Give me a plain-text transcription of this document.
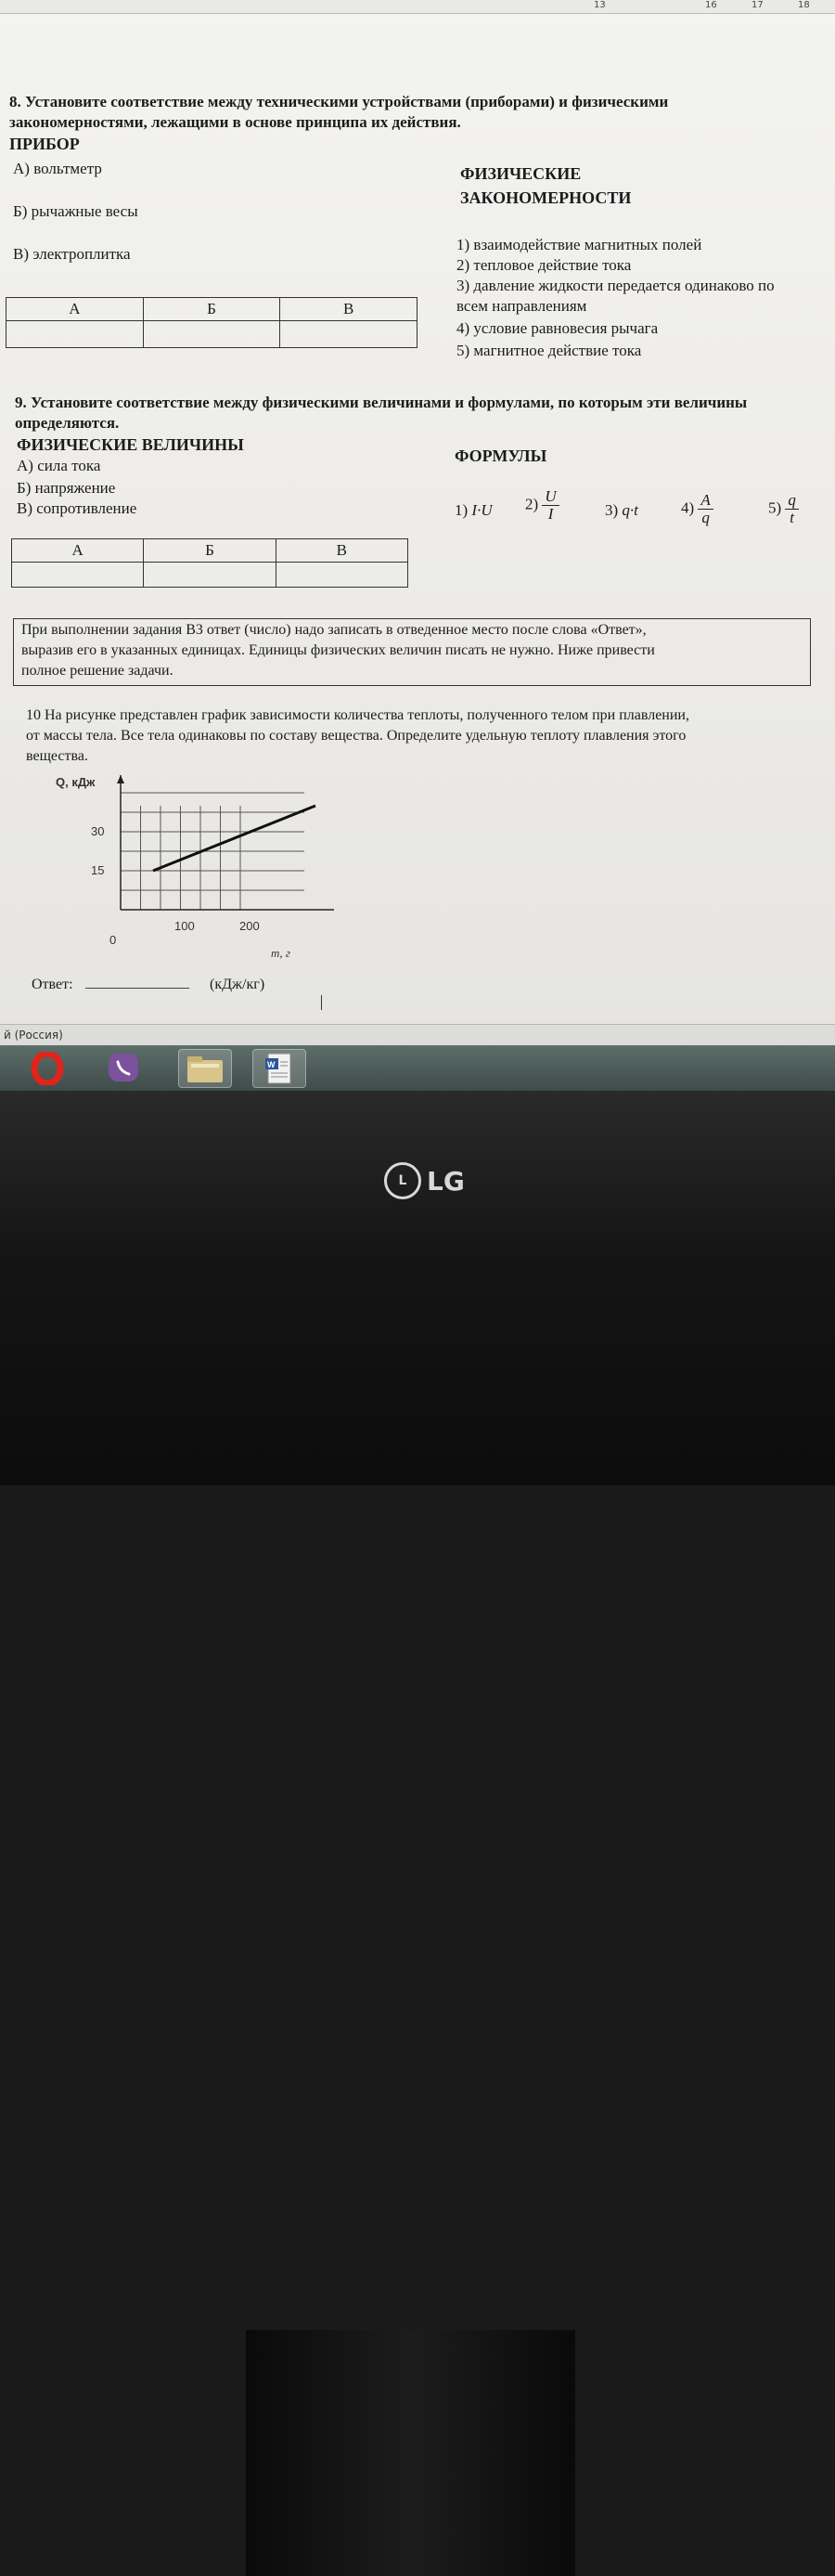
13	16	17	18

8. Установите соответствие между техническими устройствами (приборами) и физическими

закономерностями, лежащими в основе принципа их действия.

ПРИБОР

А) вольтметр

Б) рычажные весы

В) электроплитка

ФИЗИЧЕСКИЕ

ЗАКОНОМЕРНОСТИ

1) взаимодействие магнитных полей

2) тепловое действие тока

3) давление жидкости передается одинаково по

всем направлениям

4) условие равновесия рычага

5) магнитное действие тока

А	Б	В

9. Установите соответствие между физическими величинами и формулами, по которым эти величины

определяются.

ФИЗИЧЕСКИЕ ВЕЛИЧИНЫ

А) сила тока

Б) напряжение

В) сопротивление

ФОРМУЛЫ

1) I·U $2) \frac{U}{I}$	3) q·t	$4) \frac{A}{q}$	$5) \frac{q}{t}$
А	Б	В

При выполнении задания В3 ответ (число) надо записать в отведенное место после слова «Ответ»,

выразив его в указанных единицах. Единицы физических величин писать не нужно. Ниже привести

полное решение задачи.

10 На рисунке представлен график зависимости количества теплоты, полученного телом при плавлении,

от массы тела. Все тела одинаковы по составу вещества. Определите удельную теплоту плавления этого

вещества.

Q, кДж
m, г
0
100	200
15
30

Ответ: ______________ (кДж/кг)

й (Россия)
W
L LG
